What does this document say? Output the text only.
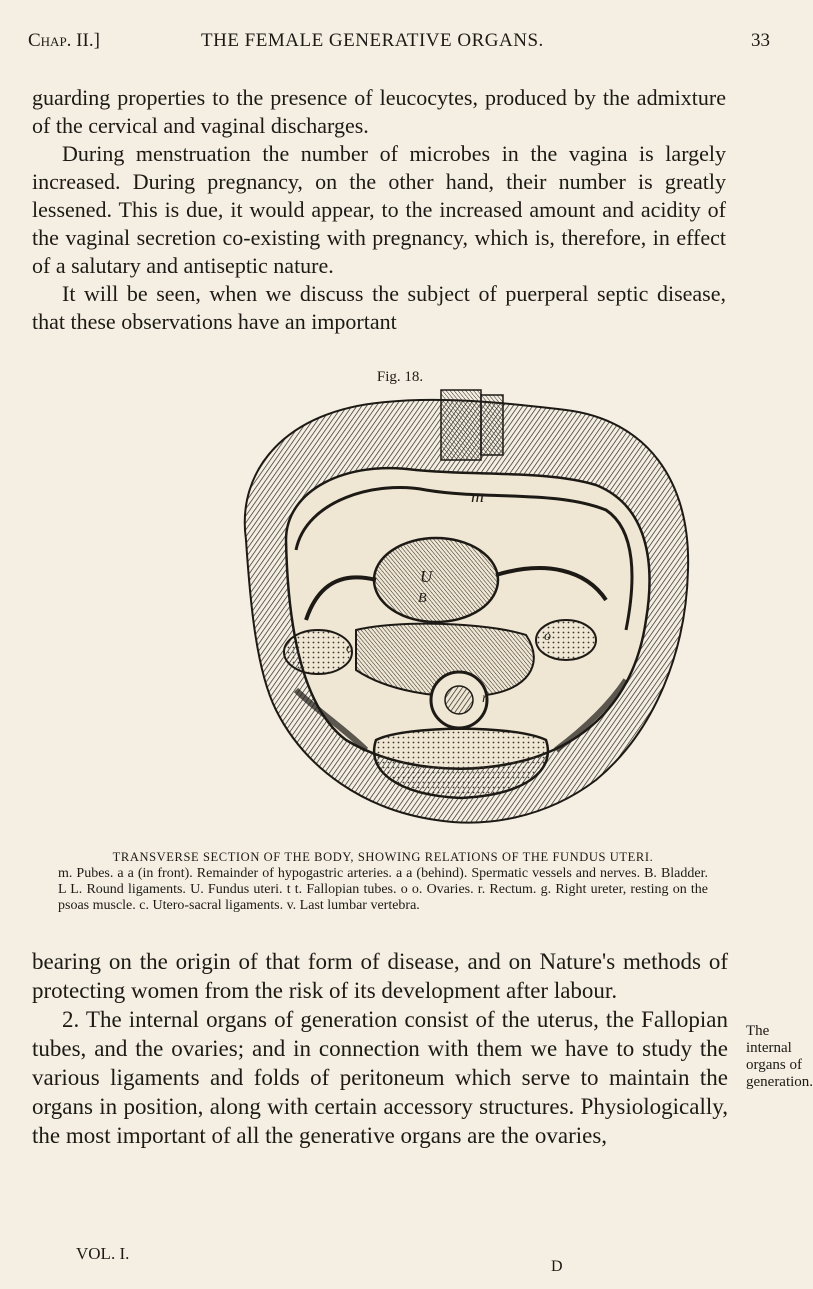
Chap. II.]	THE FEMALE GENERATIVE ORGANS.	33

guarding properties to the presence of leucocytes, produced by the admixture of the cervical and vaginal discharges.

During menstruation the number of microbes in the vagina is largely increased. During pregnancy, on the other hand, their number is greatly lessened. This is due, it would appear, to the increased amount and acidity of the vaginal secretion co-existing with pregnancy, which is, therefore, in effect of a salutary and antiseptic nature.

It will be seen, when we discuss the subject of puerperal septic disease, that these observations have an important

Fig. 18.
m
U
B
r
o
o
TRANSVERSE SECTION OF THE BODY, SHOWING RELATIONS OF THE FUNDUS UTERI.
m. Pubes. a a (in front). Remainder of hypogastric arteries. a a (behind). Spermatic vessels and nerves. B. Bladder. L L. Round ligaments. U. Fundus uteri. t t. Fallopian tubes. o o. Ovaries. r. Rectum. g. Right ureter, resting on the psoas muscle. c. Utero-sacral ligaments. v. Last lumbar vertebra.

bearing on the origin of that form of disease, and on Nature's methods of protecting women from the risk of its development after labour.

2. The internal organs of generation consist of the uterus, the Fallopian tubes, and the ovaries; and in connection with them we have to study the various ligaments and folds of peritoneum which serve to maintain the organs in position, along with certain accessory structures. Physiologically, the most important of all the generative organs are the ovaries,

The internal organs of generation.
VOL. I.
D
